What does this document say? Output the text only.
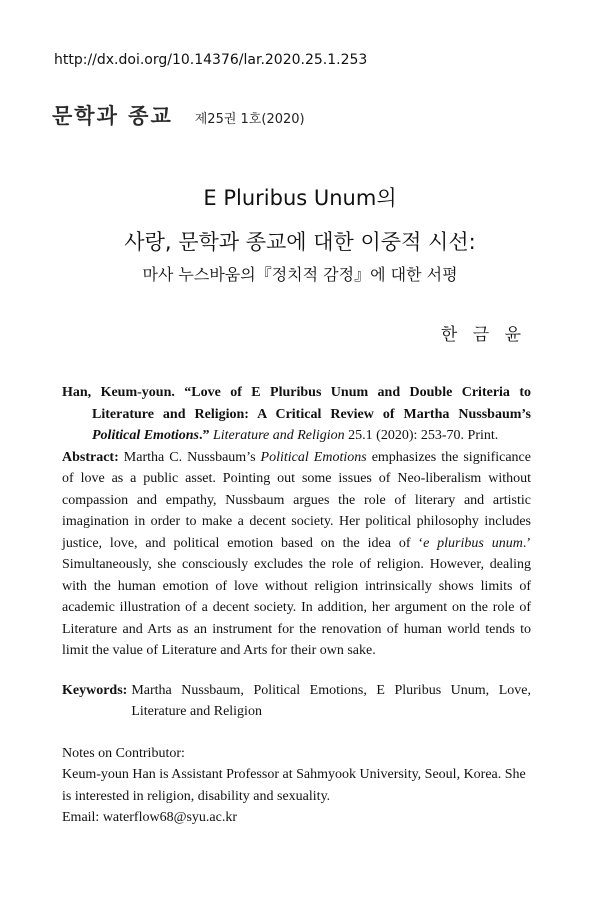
http://dx.doi.org/10.14376/lar.2020.25.1.253
문학과 종교 제25권 1호(2020)
E Pluribus Unum의
사랑, 문학과 종교에 대한 이중적 시선:
마사 누스바움의『정치적 감정』에 대한 서평
한 금 윤

Han, Keum-youn. “Love of E Pluribus Unum and Double Criteria to Literature and Religion: A Critical Review of Martha Nussbaum’s Political Emotions.” Literature and Religion 25.1 (2020): 253-70. Print.

Abstract: Martha C. Nussbaum’s Political Emotions emphasizes the significance of love as a public asset. Pointing out some issues of Neo-liberalism without compassion and empathy, Nussbaum argues the role of literary and artistic imagination in order to make a decent society. Her political philosophy includes justice, love, and political emotion based on the idea of ‘e pluribus unum.’ Simultaneously, she consciously excludes the role of religion. However, dealing with the human emotion of love without religion intrinsically shows limits of academic illustration of a decent society. In addition, her argument on the role of Literature and Arts as an instrument for the renovation of human world tends to limit the value of Literature and Arts for their own sake.

Keywords: Martha Nussbaum, Political Emotions, E Pluribus Unum, Love, Literature and Religion
Notes on Contributor:
Keum-youn Han is Assistant Professor at Sahmyook University, Seoul, Korea. She is interested in religion, disability and sexuality.
Email: waterflow68@syu.ac.kr
